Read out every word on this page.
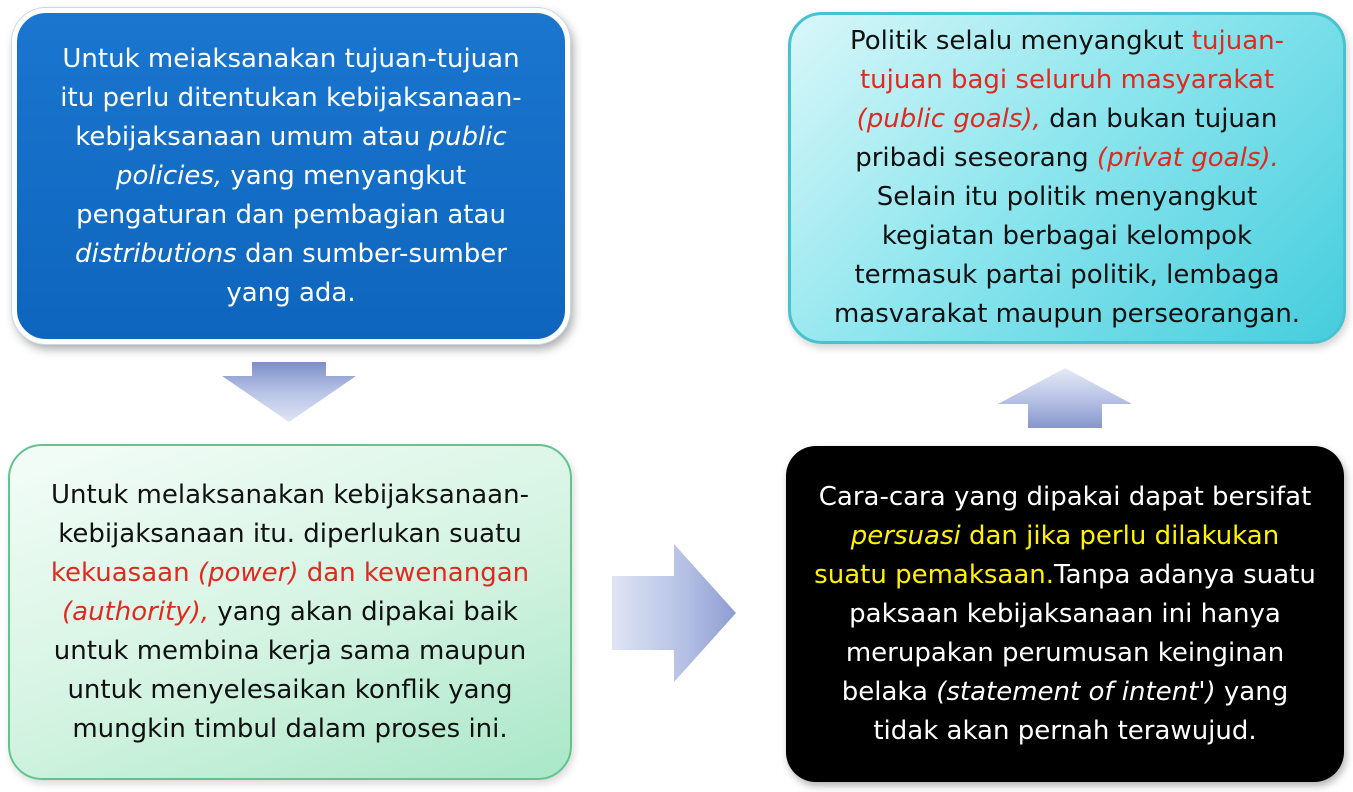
Untuk meiaksanakan tujuan-tujuan itu perlu ditentukan kebijaksanaan-kebijaksanaan umum atau public policies, yang menyangkut pengaturan dan pembagian atau distributions dan sumber-sumber yang ada.

Untuk melaksanakan kebijaksanaan-kebijaksanaan itu. diperlukan suatu kekuasaan (power) dan kewenangan (authority), yang akan dipakai baik untuk membina kerja sama maupun untuk menyelesaikan konflik yang mungkin timbul dalam proses ini.

Cara-cara yang dipakai dapat bersifat persuasi dan jika perlu dilakukan suatu pemaksaan.Tanpa adanya suatu paksaan kebijaksanaan ini hanya merupakan perumusan keinginan belaka (statement of intent') yang tidak akan pernah terawujud.

Politik selalu menyangkut tujuan-tujuan bagi seluruh masyarakat (public goals), dan bukan tujuan pribadi seseorang (privat goals). Selain itu politik menyangkut kegiatan berbagai kelompok termasuk partai politik, lembaga masvarakat maupun perseorangan.
